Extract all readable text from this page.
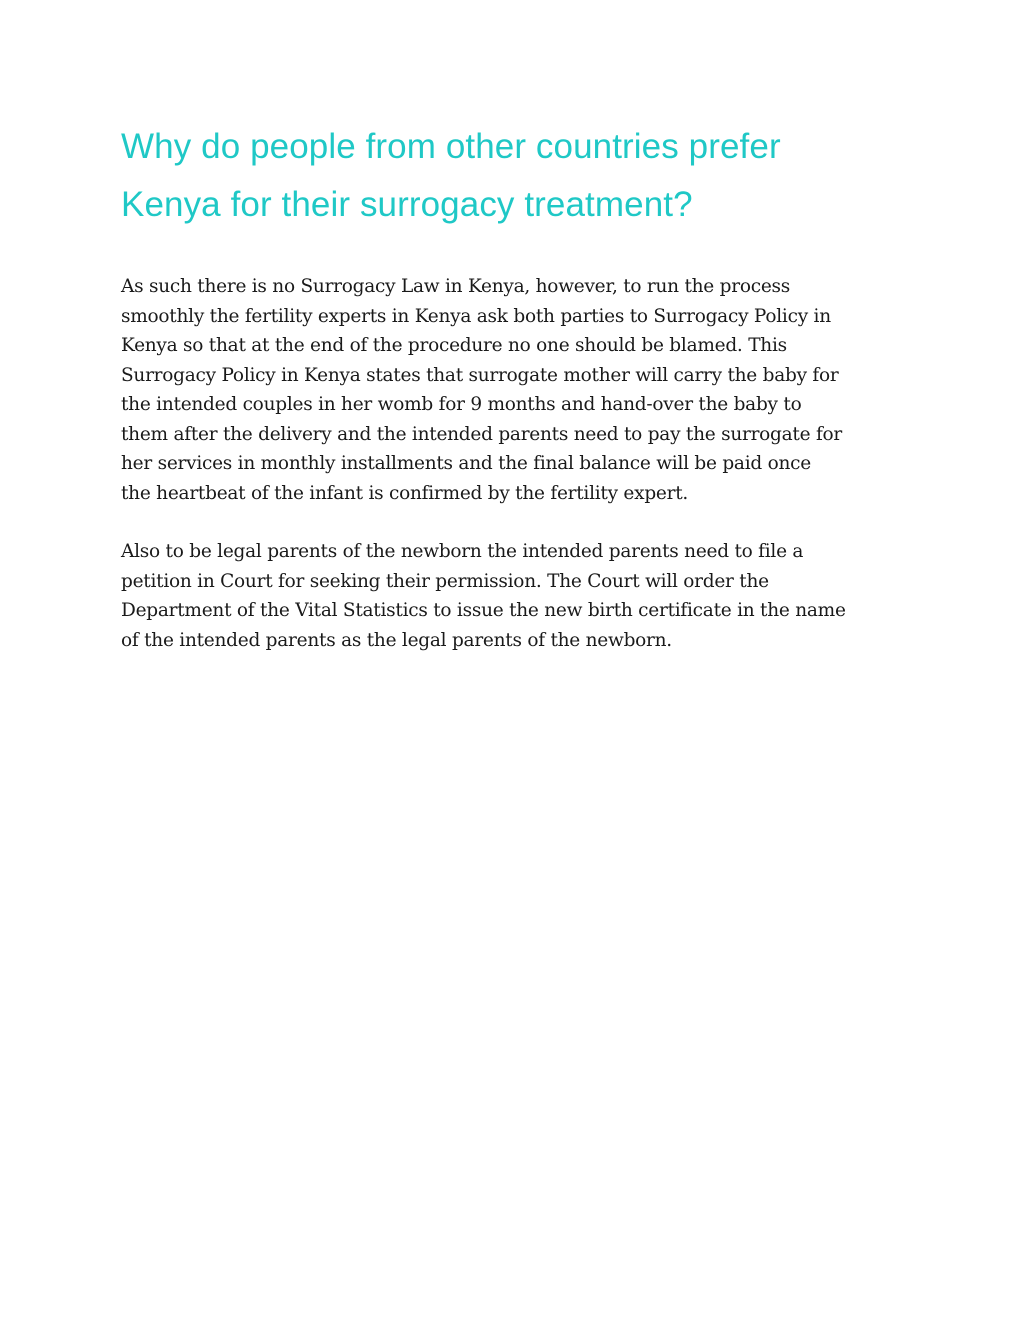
Why do people from other countries prefer
Kenya for their surrogacy treatment?

As such there is no Surrogacy Law in Kenya, however, to run the process
smoothly the fertility experts in Kenya ask both parties to Surrogacy Policy in
Kenya so that at the end of the procedure no one should be blamed. This
Surrogacy Policy in Kenya states that surrogate mother will carry the baby for
the intended couples in her womb for 9 months and hand-over the baby to
them after the delivery and the intended parents need to pay the surrogate for
her services in monthly installments and the final balance will be paid once
the heartbeat of the infant is confirmed by the fertility expert.

Also to be legal parents of the newborn the intended parents need to file a
petition in Court for seeking their permission. The Court will order the
Department of the Vital Statistics to issue the new birth certificate in the name
of the intended parents as the legal parents of the newborn.
